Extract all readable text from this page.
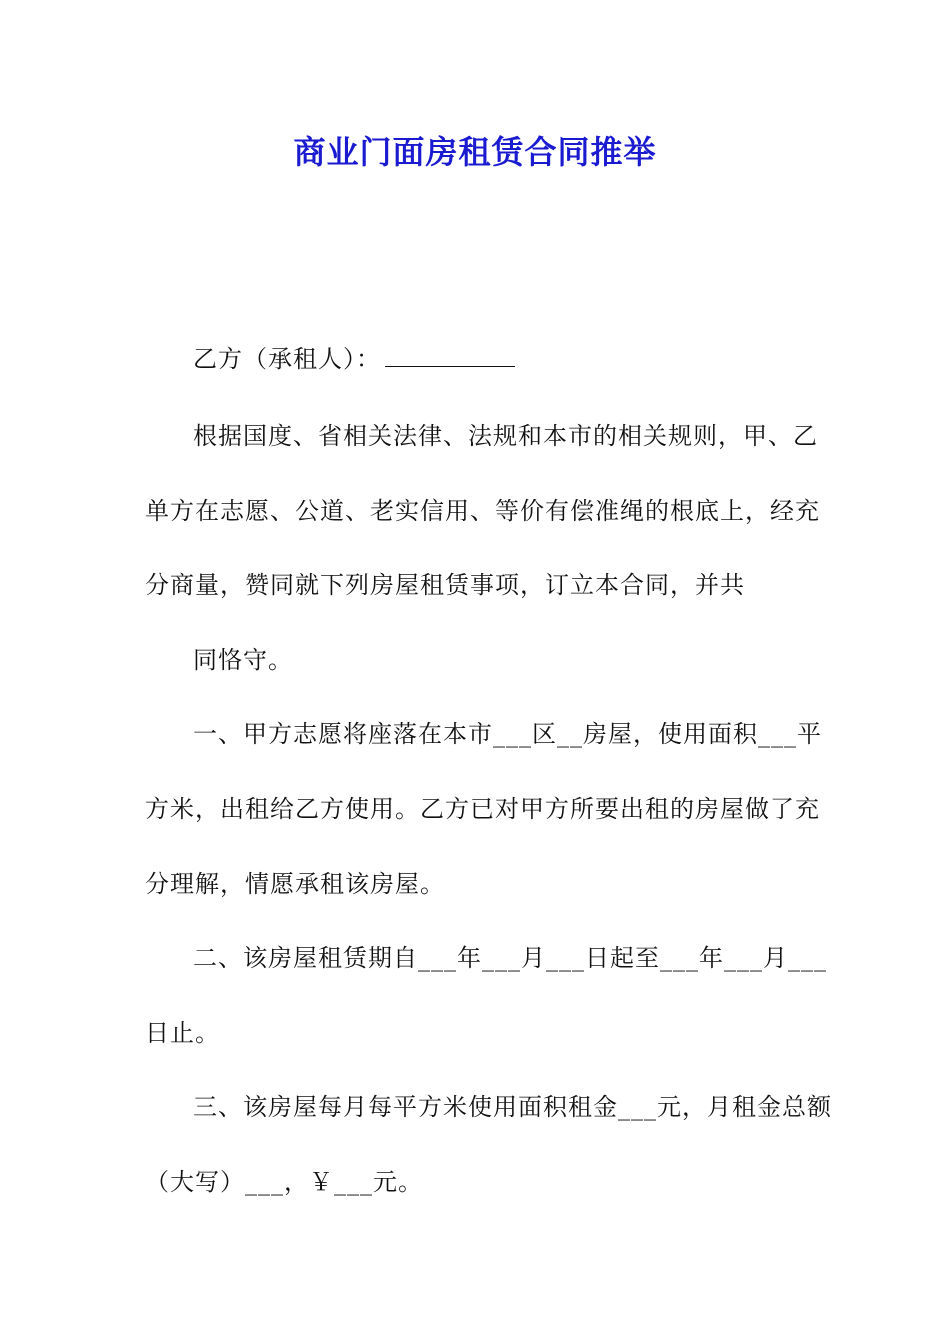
商业门面房租赁合同推举
乙方（承租人）：
根据国度、省相关法律、法规和本市的相关规则，甲、乙
单方在志愿、公道、老实信用、等价有偿准绳的根底上，经充
分商量，赞同就下列房屋租赁事项，订立本合同，并共
同恪守。
一、甲方志愿将座落在本市___区__房屋，使用面积___平
方米，出租给乙方使用。乙方已对甲方所要出租的房屋做了充
分理解，情愿承租该房屋。
二、该房屋租赁期自___年___月___日起至___年___月___
日止。
三、该房屋每月每平方米使用面积租金___元，月租金总额
（大写）___，￥___元。
